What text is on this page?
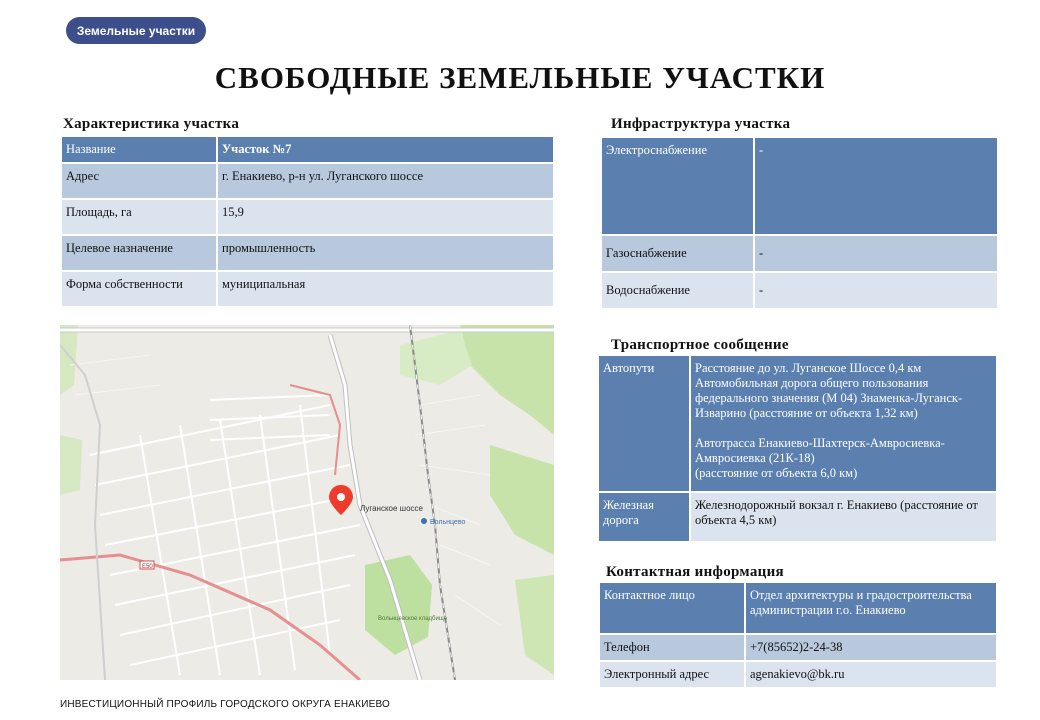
Земельные участки
СВОБОДНЫЕ ЗЕМЕЛЬНЫЕ УЧАСТКИ
Характеристика участка
Название	Участок №7
Адрес	г. Енакиево, р-н ул. Луганского шоссе
Площадь, га	15,9
Целевое назначение	промышленность
Форма собственности	муниципальная
Инфраструктура участка
Электроснабжение	-
Газоснабжение	-
Водоснабжение	-
Транспортное сообщение
Автопути	Расстояние до ул. Луганское Шоссе 0,4 км
Автомобильная дорога общего пользования федерального значения (М 04) Знаменка-Луганск-Изварино (расстояние от объекта 1,32 км)
Автотрасса Енакиево-Шахтерск-Амвросиевка-Амвросиевка (21К-18)
(расстояние от объекта 6,0 км)

Железная дорога	Железнодорожный вокзал г. Енакиево (расстояние от объекта 4,5 км)
Контактная информация
Контактное лицо	Отдел архитектуры и градостроительства администрации г.о. Енакиево
Телефон	+7(85652)2-24-38
Электронный адрес	agenakievo@bk.ru
Луганское шоссе
Вольнцево
Вольнцевское кладбище
Е50
ИНВЕСТИЦИОННЫЙ ПРОФИЛЬ ГОРОДСКОГО ОКРУГА ЕНАКИЕВО
